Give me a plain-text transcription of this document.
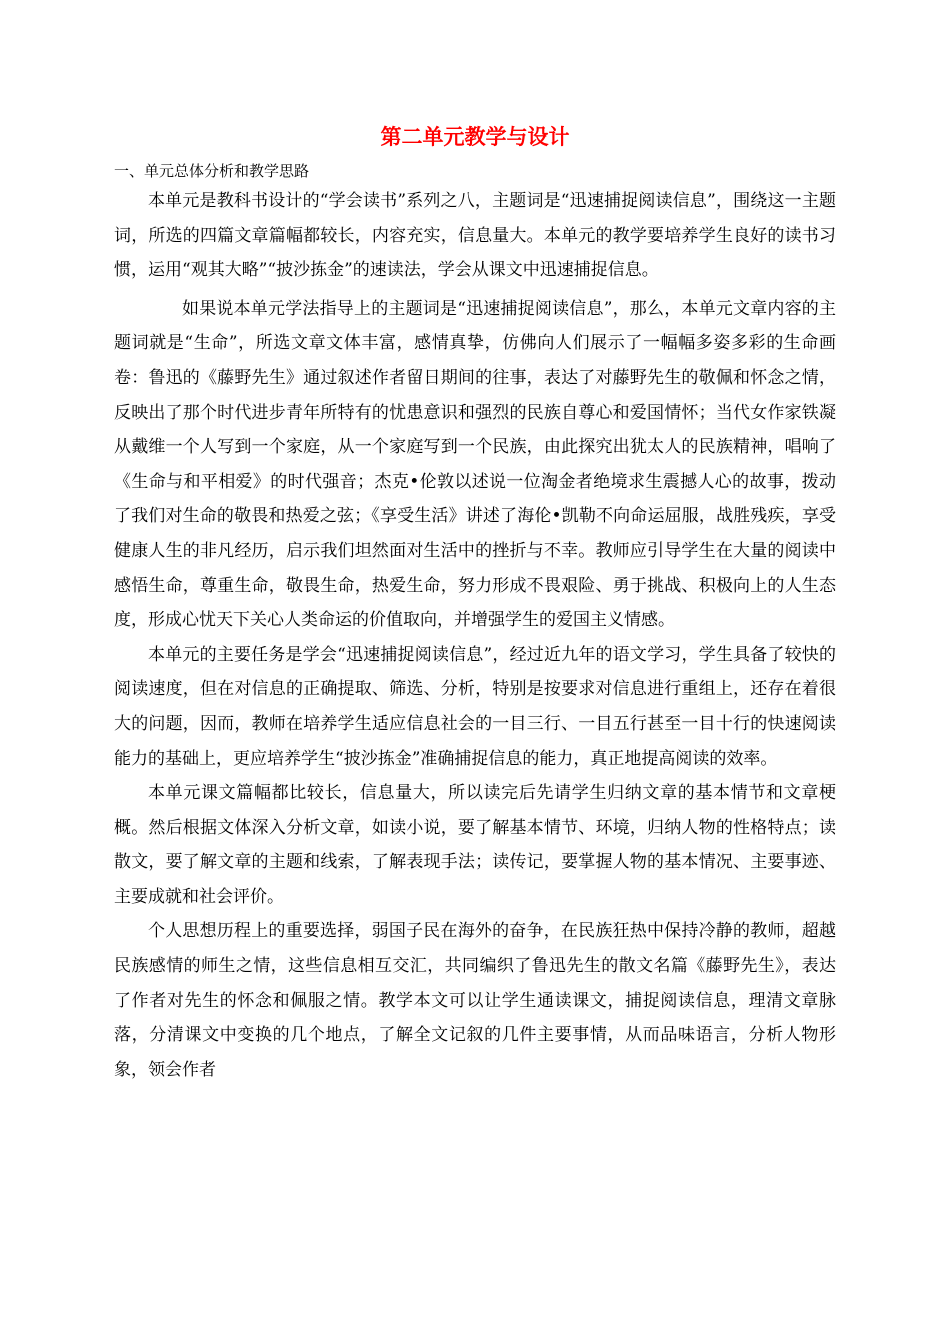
第二单元教学与设计
一、单元总体分析和教学思路

本单元是教科书设计的“学会读书”系列之八，主题词是“迅速捕捉阅读信息”，围绕这一主题词，所选的四篇文章篇幅都较长，内容充实，信息量大。本单元的教学要培养学生良好的读书习惯，运用“观其大略”“披沙拣金”的速读法，学会从课文中迅速捕捉信息。

如果说本单元学法指导上的主题词是“迅速捕捉阅读信息”，那么，本单元文章内容的主题词就是“生命”，所选文章文体丰富，感情真挚，仿佛向人们展示了一幅幅多姿多彩的生命画卷：鲁迅的《藤野先生》通过叙述作者留日期间的往事，表达了对藤野先生的敬佩和怀念之情，反映出了那个时代进步青年所特有的忧患意识和强烈的民族自尊心和爱国情怀；当代女作家铁凝从戴维一个人写到一个家庭，从一个家庭写到一个民族，由此探究出犹太人的民族精神，唱响了《生命与和平相爱》的时代强音；杰克•伦敦以述说一位淘金者绝境求生震撼人心的故事，拨动了我们对生命的敬畏和热爱之弦；《享受生活》讲述了海伦•凯勒不向命运屈服，战胜残疾，享受健康人生的非凡经历，启示我们坦然面对生活中的挫折与不幸。教师应引导学生在大量的阅读中感悟生命，尊重生命，敬畏生命，热爱生命，努力形成不畏艰险、勇于挑战、积极向上的人生态度，形成心忧天下关心人类命运的价值取向，并增强学生的爱国主义情感。

本单元的主要任务是学会“迅速捕捉阅读信息”，经过近九年的语文学习，学生具备了较快的阅读速度，但在对信息的正确提取、筛选、分析，特别是按要求对信息进行重组上，还存在着很大的问题，因而，教师在培养学生适应信息社会的一目三行、一目五行甚至一目十行的快速阅读能力的基础上，更应培养学生“披沙拣金”准确捕捉信息的能力，真正地提高阅读的效率。

本单元课文篇幅都比较长，信息量大，所以读完后先请学生归纳文章的基本情节和文章梗概。然后根据文体深入分析文章，如读小说，要了解基本情节、环境，归纳人物的性格特点；读散文，要了解文章的主题和线索，了解表现手法；读传记，要掌握人物的基本情况、主要事迹、主要成就和社会评价。

个人思想历程上的重要选择，弱国子民在海外的奋争，在民族狂热中保持冷静的教师，超越民族感情的师生之情，这些信息相互交汇，共同编织了鲁迅先生的散文名篇《藤野先生》，表达了作者对先生的怀念和佩服之情。教学本文可以让学生通读课文，捕捉阅读信息，理清文章脉落，分清课文中变换的几个地点，了解全文记叙的几件主要事情，从而品味语言，分析人物形象，领会作者
